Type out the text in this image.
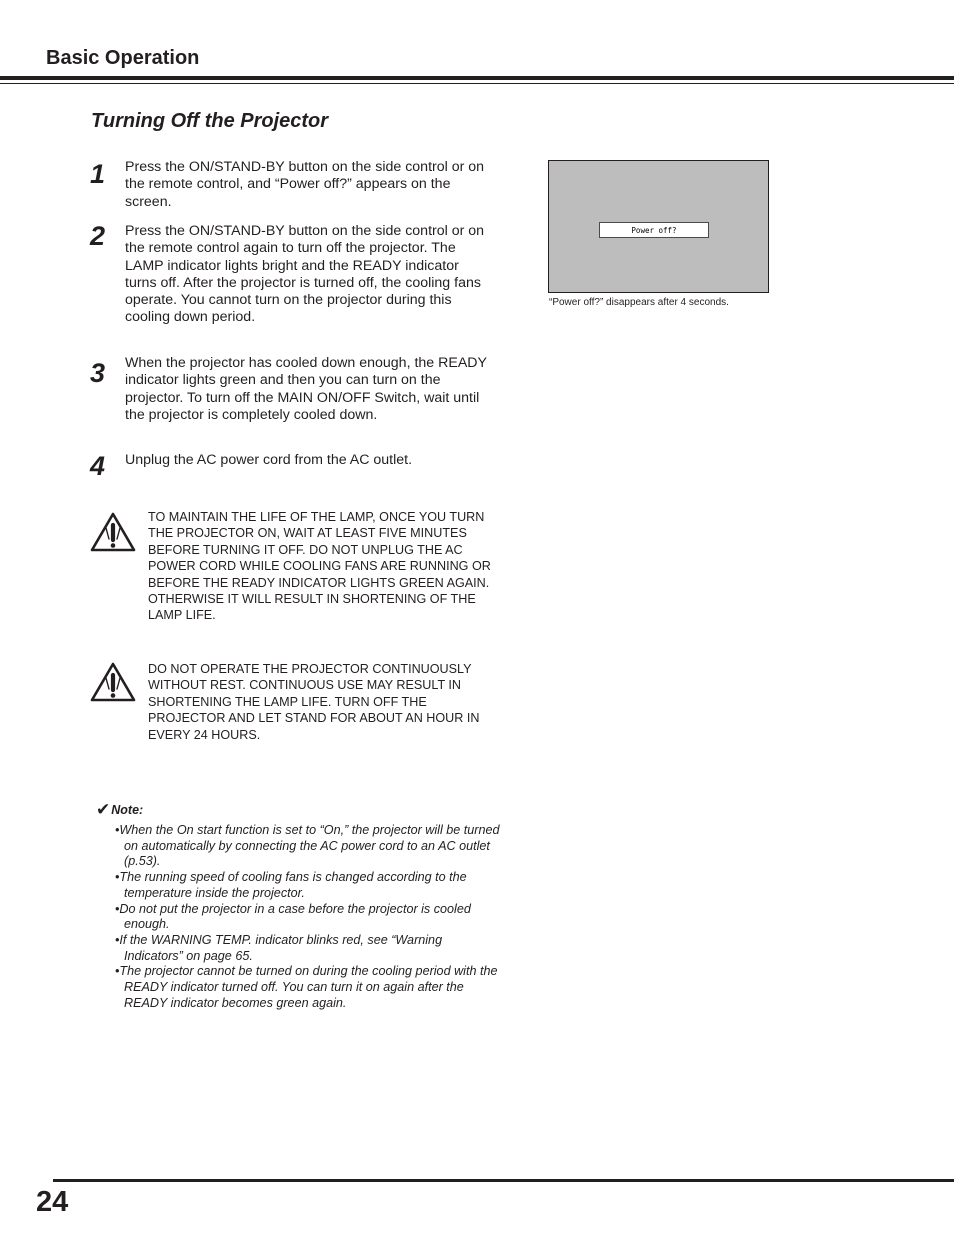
Basic Operation
Turning Off the Projector
1 Press the ON/STAND-BY button on the side control or on the remote control, and “Power off?” appears on the screen.
2 Press the ON/STAND-BY button on the side control or on the remote control again to turn off the projector. The LAMP indicator lights bright and the READY indicator turns off. After the projector is turned off, the cooling fans operate. You cannot turn on the projector during this cooling down period.
3 When the projector has cooled down enough, the READY indicator lights green and then you can turn on the projector. To turn off the MAIN ON/OFF Switch, wait until the projector is completely cooled down.
4 Unplug the AC power cord from the AC outlet.
Power off?
“Power off?” disappears after 4 seconds.
TO MAINTAIN THE LIFE OF THE LAMP, ONCE YOU TURN THE PROJECTOR ON, WAIT AT LEAST FIVE MINUTES BEFORE TURNING IT OFF. DO NOT UNPLUG THE AC POWER CORD WHILE COOLING FANS ARE RUNNING OR BEFORE THE READY INDICATOR LIGHTS GREEN AGAIN. OTHERWISE IT WILL RESULT IN SHORTENING OF THE LAMP LIFE.
DO NOT OPERATE THE PROJECTOR CONTINUOUSLY WITHOUT REST. CONTINUOUS USE MAY RESULT IN SHORTENING THE LAMP LIFE. TURN OFF THE PROJECTOR AND LET STAND FOR ABOUT AN HOUR IN EVERY 24 HOURS.
✔ Note:
•When the On start function is set to “On,” the projector will be turned on automatically by connecting the AC power cord to an AC outlet (p.53).
•The running speed of cooling fans is changed according to the temperature inside the projector.
•Do not put the projector in a case before the projector is cooled enough.
•If the WARNING TEMP. indicator blinks red, see “Warning Indicators” on page 65.
•The projector cannot be turned on during the cooling period with the READY indicator turned off. You can turn it on again after the READY indicator becomes green again.
24
